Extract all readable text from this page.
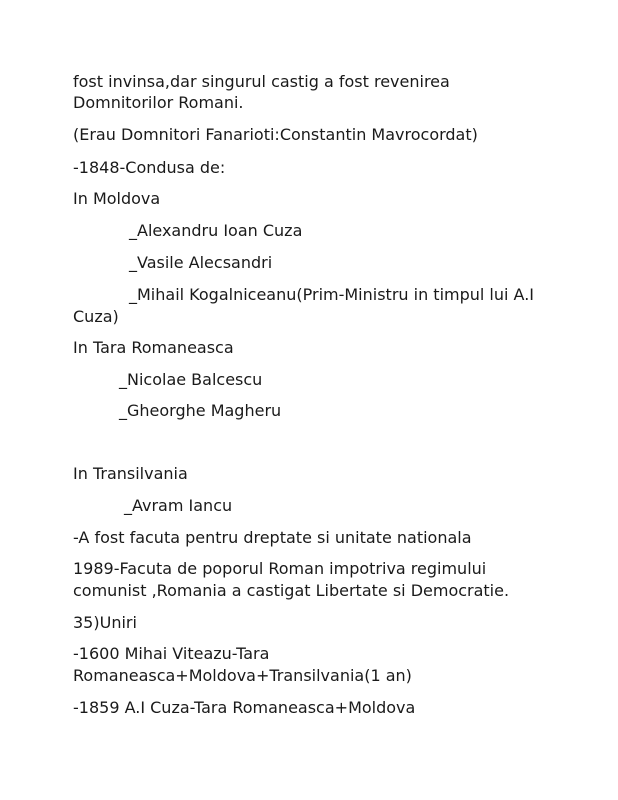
fost invinsa,dar singurul castig a fost revenirea
Domnitorilor Romani.
(Erau Domnitori Fanarioti:Constantin Mavrocordat)
-1848-Condusa de:
In Moldova
_Alexandru Ioan Cuza
_Vasile Alecsandri
_Mihail Kogalniceanu(Prim-Ministru in timpul lui A.I
Cuza)
In Tara Romaneasca
_Nicolae Balcescu
_Gheorghe Magheru
In Transilvania
_Avram Iancu
-A fost facuta pentru dreptate si unitate nationala
1989-Facuta de poporul Roman impotriva regimului
comunist ,Romania a castigat Libertate si Democratie.
35)Uniri
-1600 Mihai Viteazu-Tara
Romaneasca+Moldova+Transilvania(1 an)
-1859 A.I Cuza-Tara Romaneasca+Moldova
